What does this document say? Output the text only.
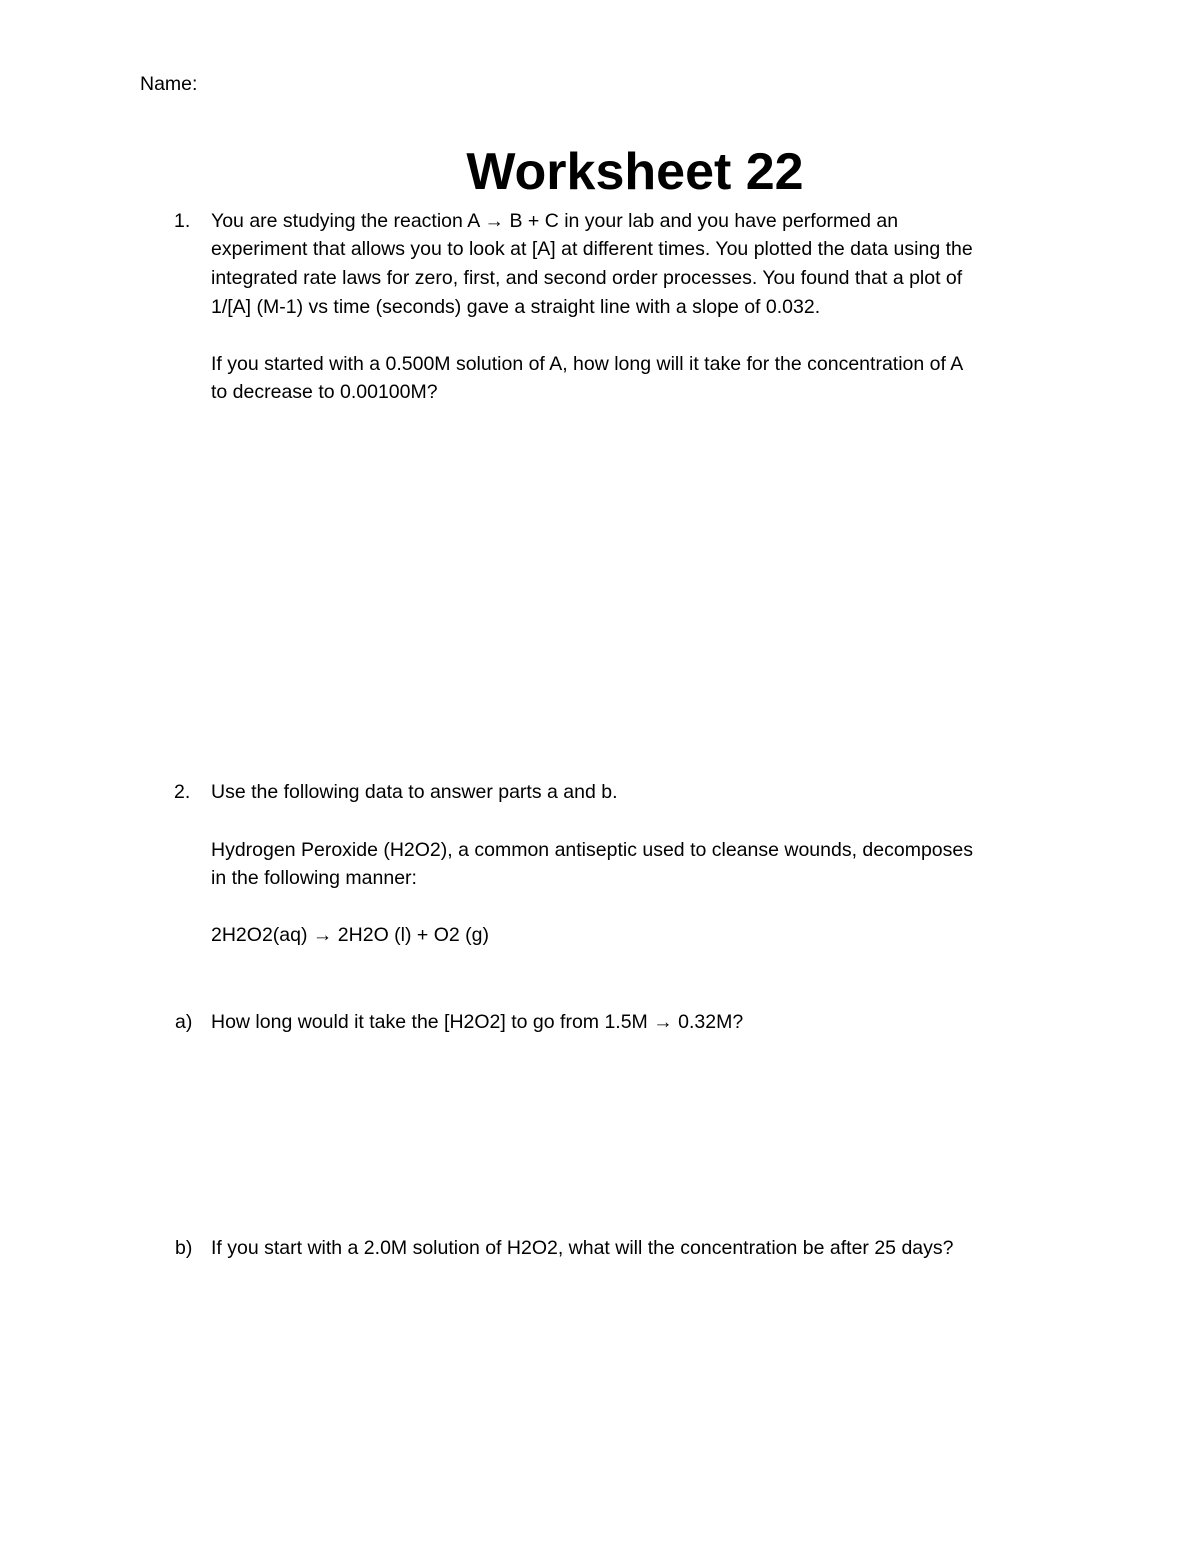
Name:
Worksheet 22
1. You are studying the reaction A → B + C in your lab and you have performed an
experiment that allows you to look at [A] at different times. You plotted the data using the
integrated rate laws for zero, first, and second order processes. You found that a plot of
1/[A] (M-1) vs time (seconds) gave a straight line with a slope of 0.032.
If you started with a 0.500M solution of A, how long will it take for the concentration of A
to decrease to 0.00100M?
2. Use the following data to answer parts a and b.
Hydrogen Peroxide (H2O2), a common antiseptic used to cleanse wounds, decomposes
in the following manner:
2H2O2(aq) → 2H2O (l) + O2 (g)
a) How long would it take the [H2O2] to go from 1.5M → 0.32M?
b) If you start with a 2.0M solution of H2O2, what will the concentration be after 25 days?
